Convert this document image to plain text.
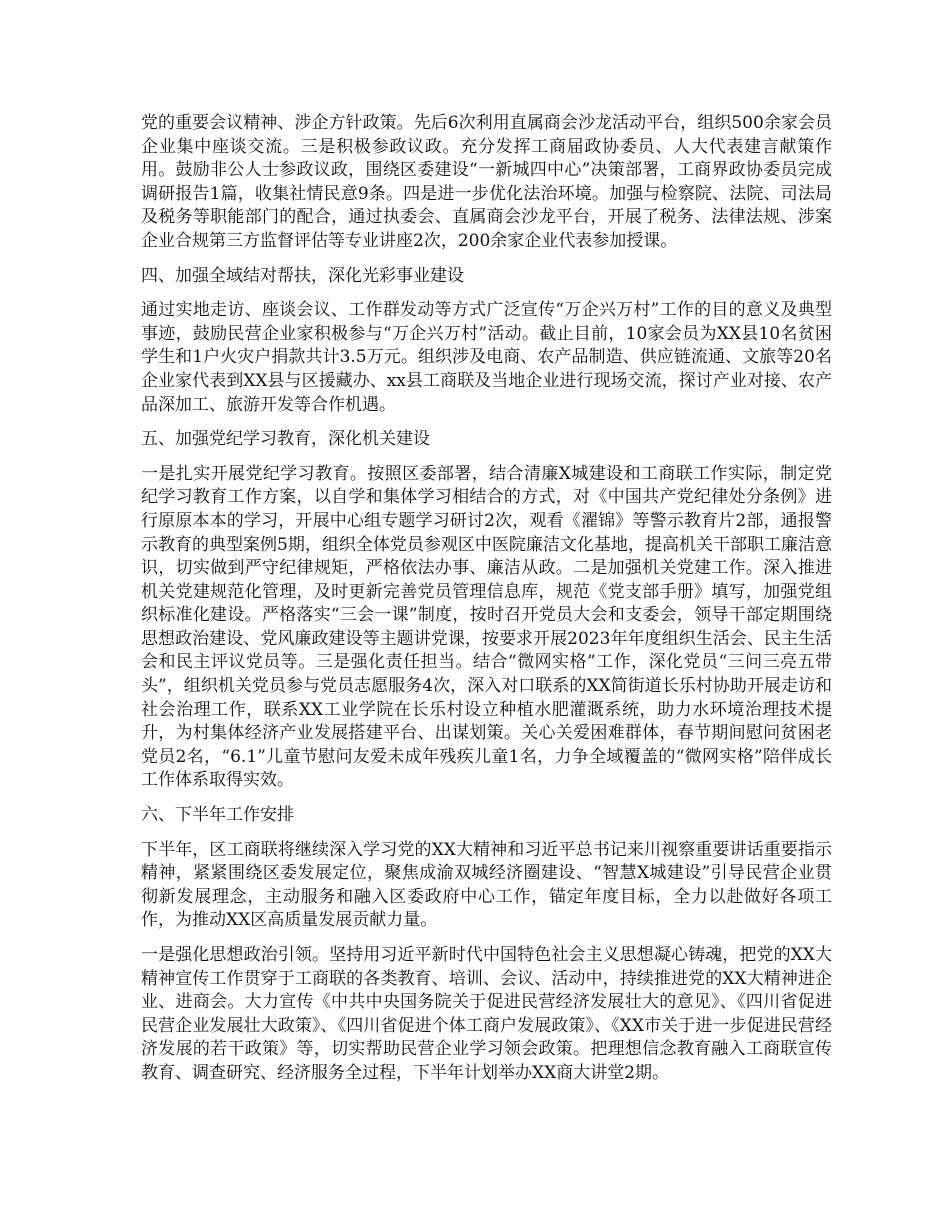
党的重要会议精神、涉企方针政策。先后6次利用直属商会沙龙活动平台，组织500余家会员企业集中座谈交流。三是积极参政议政。充分发挥工商届政协委员、人大代表建言献策作用。鼓励非公人士参政议政，围绕区委建设“一新城四中心”决策部署，工商界政协委员完成调研报告1篇，收集社情民意9条。四是进一步优化法治环境。加强与检察院、法院、司法局及税务等职能部门的配合，通过执委会、直属商会沙龙平台，开展了税务、法律法规、涉案企业合规第三方监督评估等专业讲座2次，200余家企业代表参加授课。

四、加强全域结对帮扶，深化光彩事业建设

通过实地走访、座谈会议、工作群发动等方式广泛宣传“万企兴万村”工作的目的意义及典型事迹，鼓励民营企业家积极参与“万企兴万村”活动。截止目前，10家会员为XX县10名贫困学生和1户火灾户捐款共计3.5万元。组织涉及电商、农产品制造、供应链流通、文旅等20名企业家代表到XX县与区援藏办、xx县工商联及当地企业进行现场交流，探讨产业对接、农产品深加工、旅游开发等合作机遇。

五、加强党纪学习教育，深化机关建设

一是扎实开展党纪学习教育。按照区委部署，结合清廉X城建设和工商联工作实际，制定党纪学习教育工作方案，以自学和集体学习相结合的方式，对《中国共产党纪律处分条例》进行原原本本的学习，开展中心组专题学习研讨2次，观看《濯锦》等警示教育片2部，通报警示教育的典型案例5期，组织全体党员参观区中医院廉洁文化基地，提高机关干部职工廉洁意识，切实做到严守纪律规矩，严格依法办事、廉洁从政。二是加强机关党建工作。深入推进机关党建规范化管理，及时更新完善党员管理信息库，规范《党支部手册》填写，加强党组织标准化建设。严格落实“三会一课”制度，按时召开党员大会和支委会，领导干部定期围绕思想政治建设、党风廉政建设等主题讲党课，按要求开展2023年年度组织生活会、民主生活会和民主评议党员等。三是强化责任担当。结合“微网实格”工作，深化党员“三问三亮五带头”，组织机关党员参与党员志愿服务4次，深入对口联系的XX简街道长乐村协助开展走访和社会治理工作，联系XX工业学院在长乐村设立种植水肥灌溉系统，助力水环境治理技术提升，为村集体经济产业发展搭建平台、出谋划策。关心关爱困难群体，春节期间慰问贫困老党员2名，“6.1”儿童节慰问友爱未成年残疾儿童1名，力争全域覆盖的“微网实格”陪伴成长工作体系取得实效。

六、下半年工作安排

下半年，区工商联将继续深入学习党的XX大精神和习近平总书记来川视察重要讲话重要指示精神，紧紧围绕区委发展定位，聚焦成渝双城经济圈建设、“智慧X城建设”引导民营企业贯彻新发展理念，主动服务和融入区委政府中心工作，锚定年度目标，全力以赴做好各项工作，为推动XX区高质量发展贡献力量。

一是强化思想政治引领。坚持用习近平新时代中国特色社会主义思想凝心铸魂，把党的XX大精神宣传工作贯穿于工商联的各类教育、培训、会议、活动中，持续推进党的XX大精神进企业、进商会。大力宣传《中共中央国务院关于促进民营经济发展壮大的意见》、《四川省促进民营企业发展壮大政策》、《四川省促进个体工商户发展政策》、《XX市关于进一步促进民营经济发展的若干政策》等，切实帮助民营企业学习领会政策。把理想信念教育融入工商联宣传教育、调查研究、经济服务全过程，下半年计划举办XX商大讲堂2期。
